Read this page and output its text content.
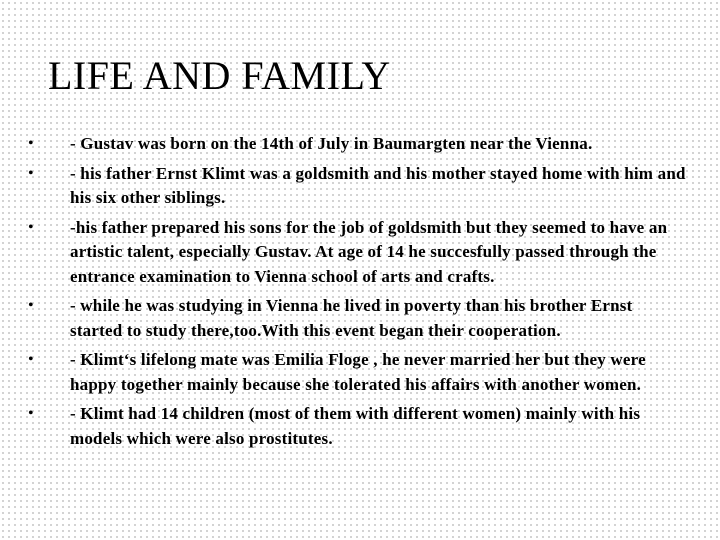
LIFE AND FAMILY
•	- Gustav was born on the 14th of July in Baumargten near the Vienna.
•	- his father Ernst Klimt was a goldsmith and his mother stayed home with him and his six other siblings.
•	-his father prepared his sons for the job of goldsmith but they seemed to have an artistic talent, especially Gustav. At age of 14 he succesfully passed through the entrance examination to Vienna school of arts and crafts.
•	- while he was studying in Vienna he lived in poverty than his brother Ernst started to study there,too.With this event began their cooperation.
•	- Klimt‘s lifelong mate was Emilia Floge , he never married her but they were happy together mainly because she tolerated his affairs with another women.
•	- Klimt had 14 children (most of them with different women) mainly with his models which were also prostitutes.
